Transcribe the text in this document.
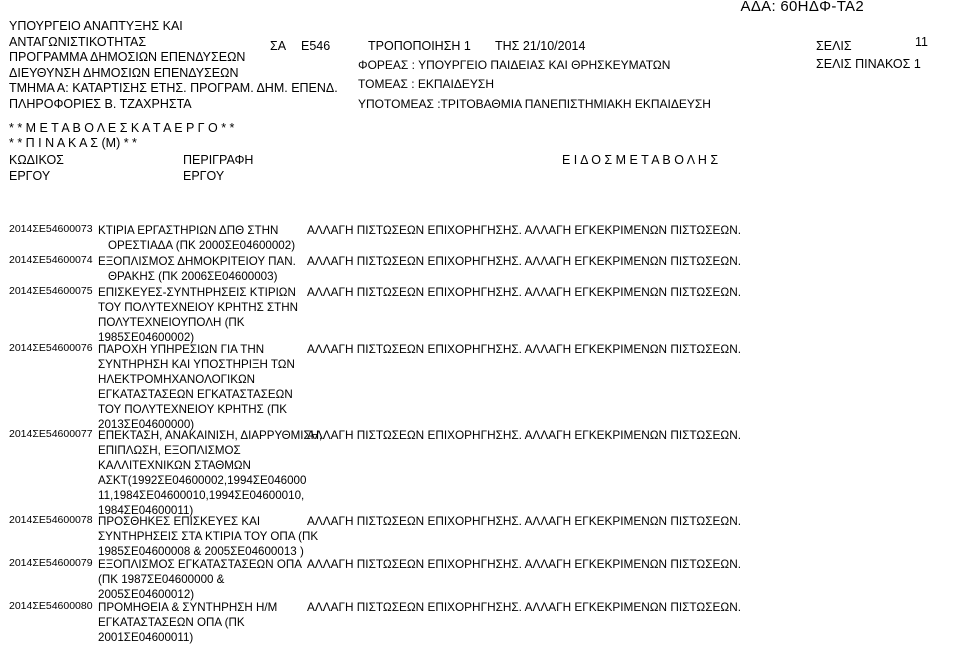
ΑΔΑ: 60ΗΔΦ-ΤΑ2
ΥΠΟΥΡΓΕΙΟ ΑΝΑΠΤΥΞΗΣ ΚΑΙ
ΑΝΤΑΓΩΝΙΣΤΙΚΟΤΗΤΑΣ
ΠΡΟΓΡΑΜΜΑ ΔΗΜΟΣΙΩΝ ΕΠΕΝΔΥΣΕΩΝ
ΔΙΕΥΘΥΝΣΗ ΔΗΜΟΣΙΩΝ ΕΠΕΝΔΥΣΕΩΝ
ΤΜΗΜΑ Α: ΚΑΤΑΡΤΙΣΗΣ ΕΤΗΣ. ΠΡΟΓΡΑΜ. ΔΗΜ. ΕΠΕΝΔ.
ΠΛΗΡΟΦΟΡΙΕΣ Β. ΤΖΑΧΡΗΣΤΑ
ΣΑ Ε546	ΤΡΟΠΟΠΟΙΗΣΗ 1 ΤΗΣ 21/10/2014
ΦΟΡΕΑΣ : ΥΠΟΥΡΓΕΙΟ ΠΑΙΔΕΙΑΣ ΚΑΙ ΘΡΗΣΚΕΥΜΑΤΩΝ
ΤΟΜΕΑΣ : ΕΚΠΑΙΔΕΥΣΗ
ΥΠΟΤΟΜΕΑΣ :ΤΡΙΤΟΒΑΘΜΙΑ ΠΑΝΕΠΙΣΤΗΜΙΑΚΗ ΕΚΠΑΙΔΕΥΣΗ
ΣΕΛΙΣ	11
ΣΕΛΙΣ ΠΙΝΑΚΟΣ 1
* * Μ Ε Τ Α Β Ο Λ Ε Σ Κ Α Τ Α Ε Ρ Γ Ο * *
* * Π Ι Ν Α Κ Α Σ (Μ) * *
ΚΩΔΙΚΟΣ
ΕΡΓΟΥ
ΠΕΡΙΓΡΑΦΗ
ΕΡΓΟΥ
Ε Ι Δ Ο Σ Μ Ε Τ Α Β Ο Λ Η Σ
2014ΣΕ54600073 ΚΤΙΡΙΑ ΕΡΓΑΣΤΗΡΙΩΝ ΔΠΘ ΣΤΗΝ
ΟΡΕΣΤΙΑΔΑ (ΠΚ 2000ΣΕ04600002)
ΑΛΛΑΓΗ ΠΙΣΤΩΣΕΩΝ ΕΠΙΧΟΡΗΓΗΣΗΣ. ΑΛΛΑΓΗ ΕΓΚΕΚΡΙΜΕΝΩΝ ΠΙΣΤΩΣΕΩΝ.
2014ΣΕ54600074 ΕΞΟΠΛΙΣΜΟΣ ΔΗΜΟΚΡΙΤΕΙΟΥ ΠΑΝ.
ΘΡΑΚΗΣ (ΠΚ 2006ΣΕ04600003)
ΑΛΛΑΓΗ ΠΙΣΤΩΣΕΩΝ ΕΠΙΧΟΡΗΓΗΣΗΣ. ΑΛΛΑΓΗ ΕΓΚΕΚΡΙΜΕΝΩΝ ΠΙΣΤΩΣΕΩΝ.
2014ΣΕ54600075 ΕΠΙΣΚΕΥΕΣ-ΣΥΝΤΗΡΗΣΕΙΣ ΚΤΙΡΙΩΝ
ΤΟΥ ΠΟΛΥΤΕΧΝΕΙΟΥ ΚΡΗΤΗΣ ΣΤΗΝ
ΠΟΛΥΤΕΧΝΕΙΟΥΠΟΛΗ (ΠΚ
1985ΣΕ04600002)
ΑΛΛΑΓΗ ΠΙΣΤΩΣΕΩΝ ΕΠΙΧΟΡΗΓΗΣΗΣ. ΑΛΛΑΓΗ ΕΓΚΕΚΡΙΜΕΝΩΝ ΠΙΣΤΩΣΕΩΝ.
2014ΣΕ54600076 ΠΑΡΟΧΗ ΥΠΗΡΕΣΙΩΝ ΓΙΑ ΤΗΝ
ΣΥΝΤΗΡΗΣΗ ΚΑΙ ΥΠΟΣΤΗΡΙΞΗ ΤΩΝ
ΗΛΕΚΤΡΟΜΗΧΑΝΟΛΟΓΙΚΩΝ
ΕΓΚΑΤΑΣΤΑΣΕΩΝ ΕΓΚΑΤΑΣΤΑΣΕΩΝ
ΤΟΥ ΠΟΛΥΤΕΧΝΕΙΟΥ ΚΡΗΤΗΣ (ΠΚ
2013ΣΕ04600000)
ΑΛΛΑΓΗ ΠΙΣΤΩΣΕΩΝ ΕΠΙΧΟΡΗΓΗΣΗΣ. ΑΛΛΑΓΗ ΕΓΚΕΚΡΙΜΕΝΩΝ ΠΙΣΤΩΣΕΩΝ.
2014ΣΕ54600077 ΕΠΕΚΤΑΣΗ, ΑΝΑΚΑΙΝΙΣΗ, ΔΙΑΡΡΥΘΜΙΣΗ,
ΕΠΙΠΛΩΣΗ, ΕΞΟΠΛΙΣΜΟΣ
ΚΑΛΛΙΤΕΧΝΙΚΩΝ ΣΤΑΘΜΩΝ
ΑΣΚΤ(1992ΣΕ04600002,1994ΣΕ046000
11,1984ΣΕ04600010,1994ΣΕ04600010,
1984ΣΕ04600011)
ΑΛΛΑΓΗ ΠΙΣΤΩΣΕΩΝ ΕΠΙΧΟΡΗΓΗΣΗΣ. ΑΛΛΑΓΗ ΕΓΚΕΚΡΙΜΕΝΩΝ ΠΙΣΤΩΣΕΩΝ.
2014ΣΕ54600078 ΠΡΟΣΘΗΚΕΣ ΕΠΙΣΚΕΥΕΣ ΚΑΙ
ΣΥΝΤΗΡΗΣΕΙΣ ΣΤΑ ΚΤΙΡΙΑ ΤΟΥ ΟΠΑ (ΠΚ
1985ΣΕ04600008 & 2005ΣΕ04600013 )
ΑΛΛΑΓΗ ΠΙΣΤΩΣΕΩΝ ΕΠΙΧΟΡΗΓΗΣΗΣ. ΑΛΛΑΓΗ ΕΓΚΕΚΡΙΜΕΝΩΝ ΠΙΣΤΩΣΕΩΝ.
2014ΣΕ54600079 ΕΞΟΠΛΙΣΜΟΣ ΕΓΚΑΤΑΣΤΑΣΕΩΝ ΟΠΑ
(ΠΚ 1987ΣΕ04600000 &
2005ΣΕ04600012)
ΑΛΛΑΓΗ ΠΙΣΤΩΣΕΩΝ ΕΠΙΧΟΡΗΓΗΣΗΣ. ΑΛΛΑΓΗ ΕΓΚΕΚΡΙΜΕΝΩΝ ΠΙΣΤΩΣΕΩΝ.
2014ΣΕ54600080 ΠΡΟΜΗΘΕΙΑ & ΣΥΝΤΗΡΗΣΗ Η/Μ
ΕΓΚΑΤΑΣΤΑΣΕΩΝ ΟΠΑ (ΠΚ
2001ΣΕ04600011)
ΑΛΛΑΓΗ ΠΙΣΤΩΣΕΩΝ ΕΠΙΧΟΡΗΓΗΣΗΣ. ΑΛΛΑΓΗ ΕΓΚΕΚΡΙΜΕΝΩΝ ΠΙΣΤΩΣΕΩΝ.
